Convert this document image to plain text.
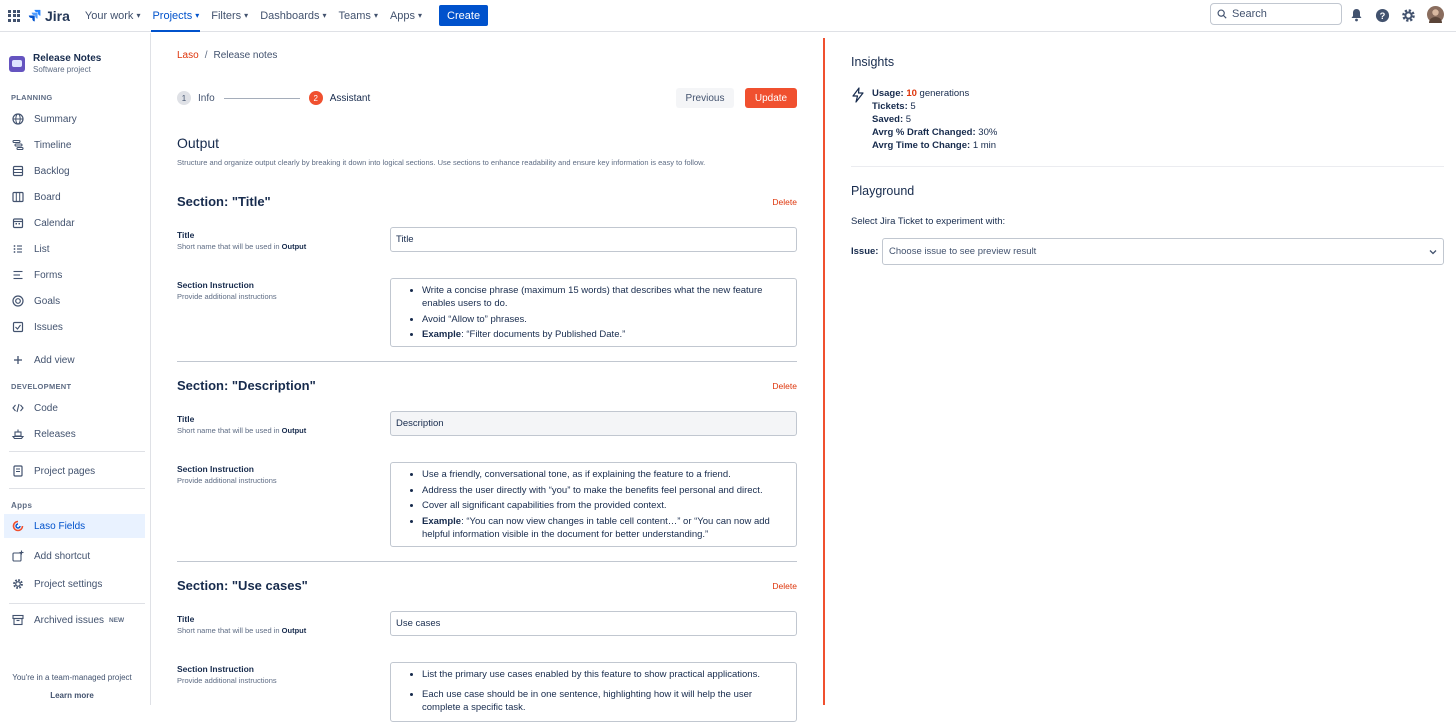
Jira Your work ▾ Projects ▾ Filters ▾ Dashboards ▾ Teams ▾ Apps ▾	Create
Search	?
Release Notes
Software project
PLANNING
Summary
Timeline
Backlog
Board
Calendar
List
Forms
Goals
Issues
Add view
DEVELOPMENT
Code
Releases
Project pages
Apps
Laso Fields
Add shortcut
Project settings
Archived issues NEW
You're in a team-managed project
Learn more
Laso / Release notes
1	Info	2	Assistant	Previous	Update
Output
Structure and organize output clearly by breaking it down into logical sections. Use sections to enhance readability and ensure key information is easy to follow.
Section: "Title"	Delete
Title
Short name that will be used in Output
Title
Section Instruction
Provide additional instructions
• Write a concise phrase (maximum 15 words) that describes what the new feature enables users to do.
• Avoid “Allow to” phrases.
• Example: “Filter documents by Published Date.”
Section: "Description"	Delete
Title
Short name that will be used in Output
Description
Section Instruction
Provide additional instructions
• Use a friendly, conversational tone, as if explaining the feature to a friend.
• Address the user directly with “you” to make the benefits feel personal and direct.
• Cover all significant capabilities from the provided context.
• Example: “You can now view changes in table cell content…” or “You can now add helpful information visible in the document for better understanding.”
Section: "Use cases"	Delete
Title
Short name that will be used in Output
Use cases
Section Instruction
Provide additional instructions
• List the primary use cases enabled by this feature to show practical applications.
• Each use case should be in one sentence, highlighting how it will help the user complete a specific task.
Insights
Usage: 10 generations
Tickets: 5
Saved: 5
Avrg % Draft Changed: 30%
Avrg Time to Change: 1 min
Playground
Select Jira Ticket to experiment with:
Issue: Choose issue to see preview result
